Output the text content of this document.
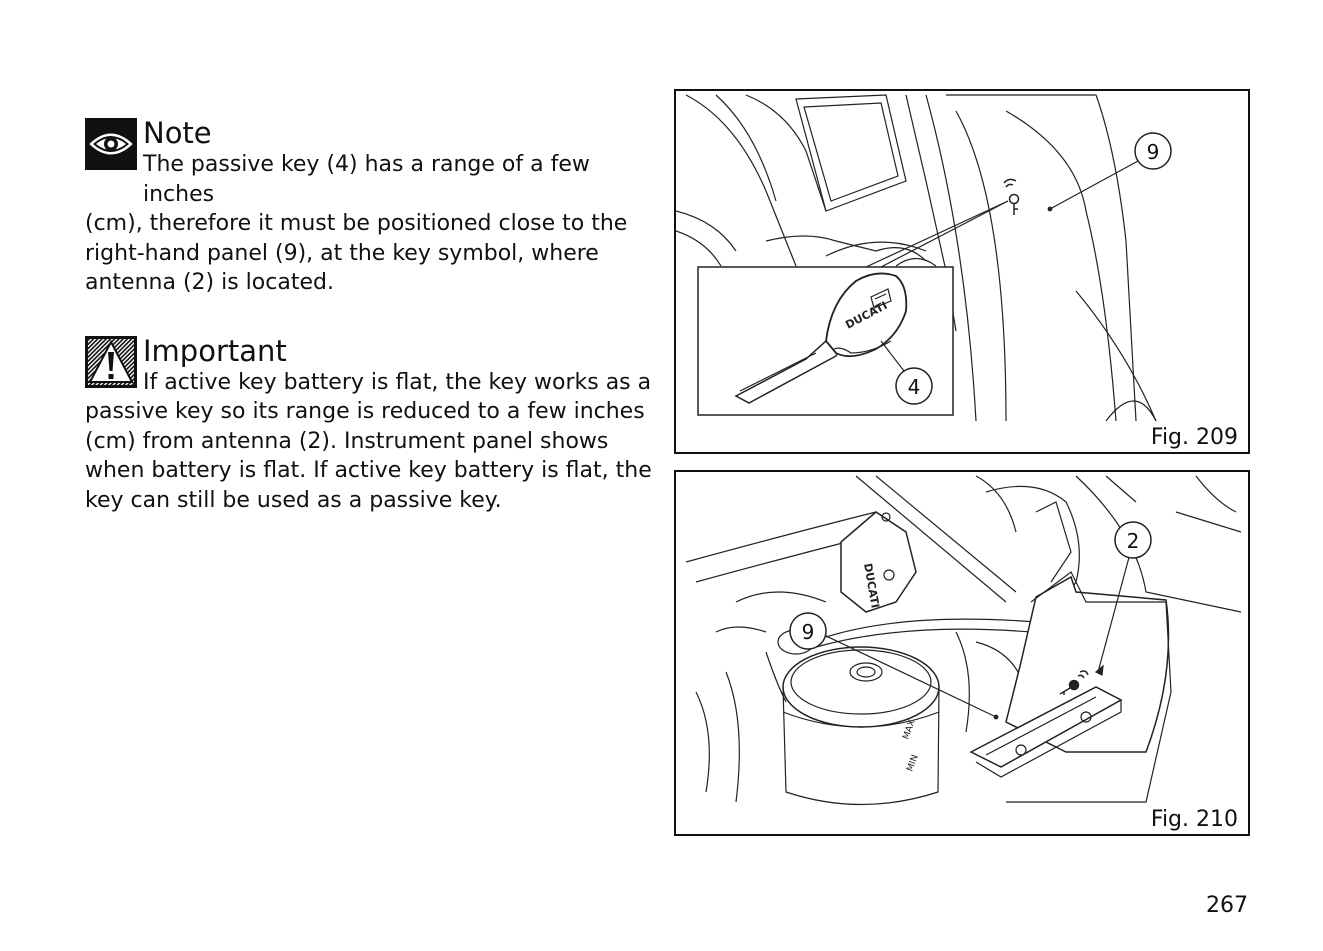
Note

The passive key (4) has a range of a few inches
(cm), therefore it must be positioned close to the right-hand panel (9), at the key symbol, where antenna (2) is located.

Important

If active key battery is flat, the key works as a
passive key so its range is reduced to a few inches (cm) from antenna (2). Instrument panel shows when battery is flat. If active key battery is flat, the key can still be used as a passive key.

DUCATI
9
4
Fig. 209
DUCATI
MAX
MIN
2
9
Fig. 210
267
